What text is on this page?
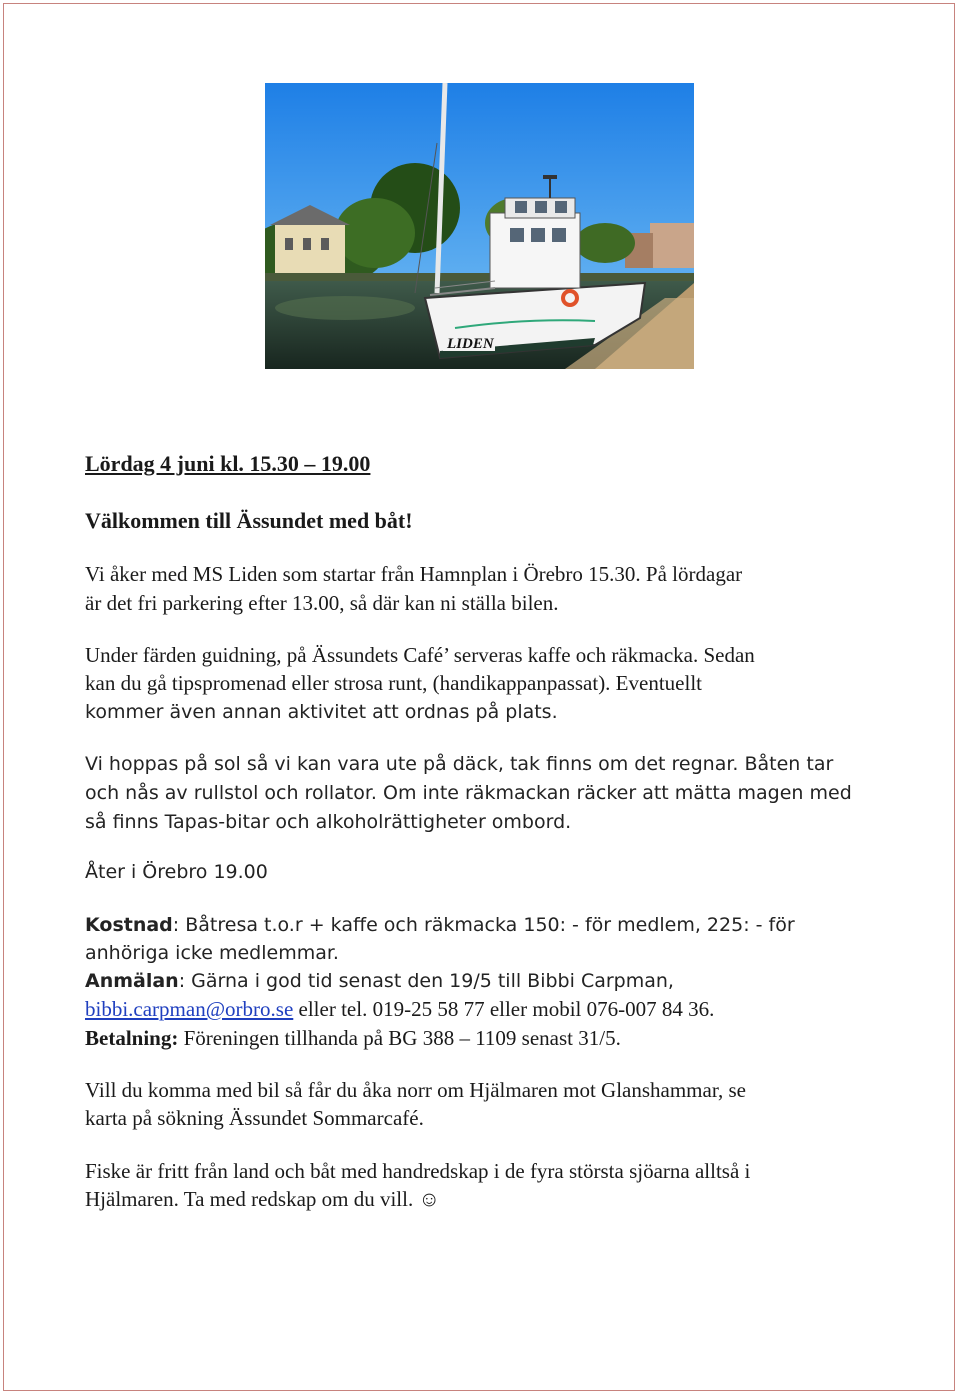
LIDEN
Lördag 4 juni kl. 15.30 – 19.00
Välkommen till Ässundet med båt!
Vi åker med MS Liden som startar från Hamnplan i Örebro 15.30. På lördagar
är det fri parkering efter 13.00, så där kan ni ställa bilen.
Under färden guidning, på Ässundets Café’ serveras kaffe och räkmacka. Sedan
kan du gå tipspromenad eller strosa runt, (handikappanpassat). Eventuellt
kommer även annan aktivitet att ordnas på plats.
Vi hoppas på sol så vi kan vara ute på däck, tak finns om det regnar. Båten tar
och nås av rullstol och rollator. Om inte räkmackan räcker att mätta magen med
så finns Tapas-bitar och alkoholrättigheter ombord.
Åter i Örebro 19.00
Kostnad: Båtresa t.o.r + kaffe och räkmacka 150: - för medlem, 225: - för
anhöriga icke medlemmar.
Anmälan: Gärna i god tid senast den 19/5 till Bibbi Carpman,
bibbi.carpman@orbro.se eller tel. 019-25 58 77 eller mobil 076-007 84 36.
Betalning: Föreningen tillhanda på BG 388 – 1109 senast 31/5.
Vill du komma med bil så får du åka norr om Hjälmaren mot Glanshammar, se
karta på sökning Ässundet Sommarcafé.
Fiske är fritt från land och båt med handredskap i de fyra största sjöarna alltså i
Hjälmaren. Ta med redskap om du vill. ☺
